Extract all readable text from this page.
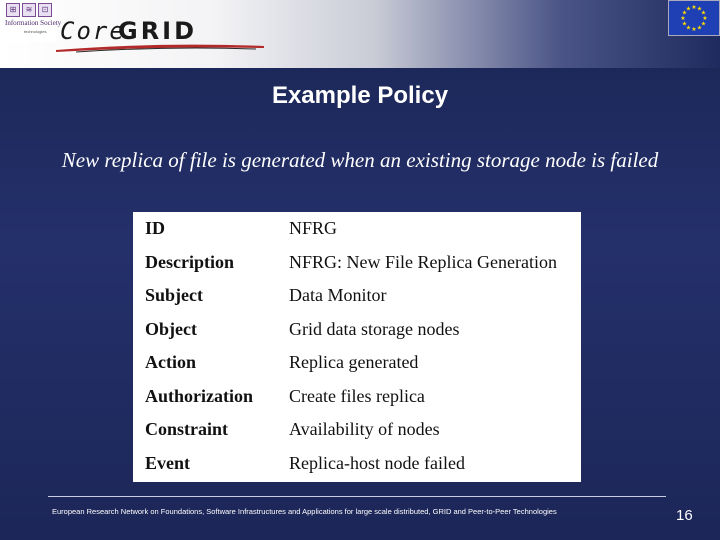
⊞	≋	⊡
Information Society
technologies Core
GRID
★ ★
★
★
★
★
★
★
★
★
★
★
Example Policy
New replica of file is generated when an existing storage node is failed
ID	NFRG
Description	NFRG: New File Replica Generation
Subject	Data Monitor
Object	Grid data storage nodes
Action	Replica generated
Authorization	Create files replica
Constraint	Availability of nodes
Event	Replica-host node failed
European Research Network on Foundations, Software Infrastructures and Applications for large scale distributed, GRID and Peer-to-Peer Technologies	16
